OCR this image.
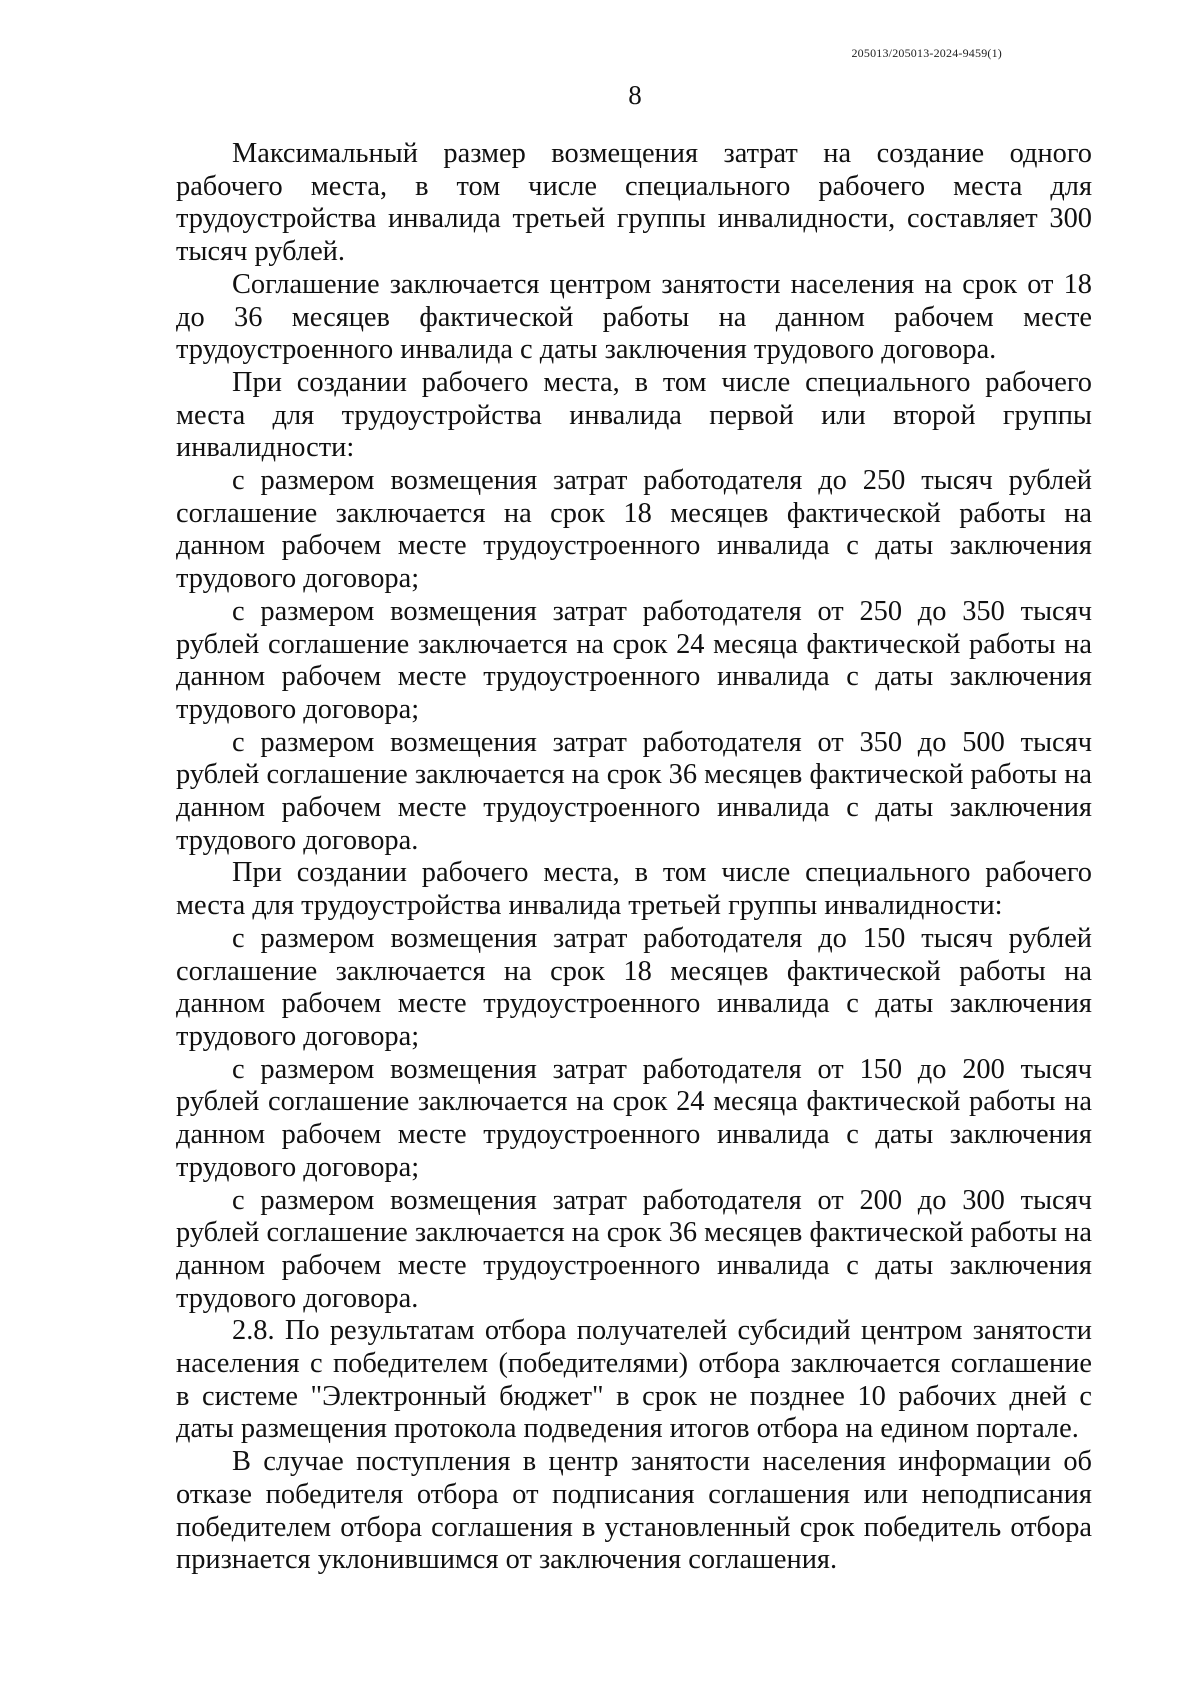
205013/205013-2024-9459(1)
8

Максимальный размер возмещения затрат на создание одного рабочего места, в том числе специального рабочего места для трудоустройства инвалида третьей группы инвалидности, составляет 300 тысяч рублей.

Соглашение заключается центром занятости населения на срок от 18 до 36 месяцев фактической работы на данном рабочем месте трудоустроенного инвалида с даты заключения трудового договора.

При создании рабочего места, в том числе специального рабочего места для трудоустройства инвалида первой или второй группы инвалидности:

с размером возмещения затрат работодателя до 250 тысяч рублей соглашение заключается на срок 18 месяцев фактической работы на данном рабочем месте трудоустроенного инвалида с даты заключения трудового договора;

с размером возмещения затрат работодателя от 250 до 350 тысяч рублей соглашение заключается на срок 24 месяца фактической работы на данном рабочем месте трудоустроенного инвалида с даты заключения трудового договора;

с размером возмещения затрат работодателя от 350 до 500 тысяч рублей соглашение заключается на срок 36 месяцев фактической работы на данном рабочем месте трудоустроенного инвалида с даты заключения трудового договора.

При создании рабочего места, в том числе специального рабочего места для трудоустройства инвалида третьей группы инвалидности:

с размером возмещения затрат работодателя до 150 тысяч рублей соглашение заключается на срок 18 месяцев фактической работы на данном рабочем месте трудоустроенного инвалида с даты заключения трудового договора;

с размером возмещения затрат работодателя от 150 до 200 тысяч рублей соглашение заключается на срок 24 месяца фактической работы на данном рабочем месте трудоустроенного инвалида с даты заключения трудового договора;

с размером возмещения затрат работодателя от 200 до 300 тысяч рублей соглашение заключается на срок 36 месяцев фактической работы на данном рабочем месте трудоустроенного инвалида с даты заключения трудового договора.

2.8. По результатам отбора получателей субсидий центром занятости населения с победителем (победителями) отбора заключается соглашение в системе "Электронный бюджет" в срок не позднее 10 рабочих дней с даты размещения протокола подведения итогов отбора на едином портале.

В случае поступления в центр занятости населения информации об отказе победителя отбора от подписания соглашения или неподписания победителем отбора соглашения в установленный срок победитель отбора признается уклонившимся от заключения соглашения.
